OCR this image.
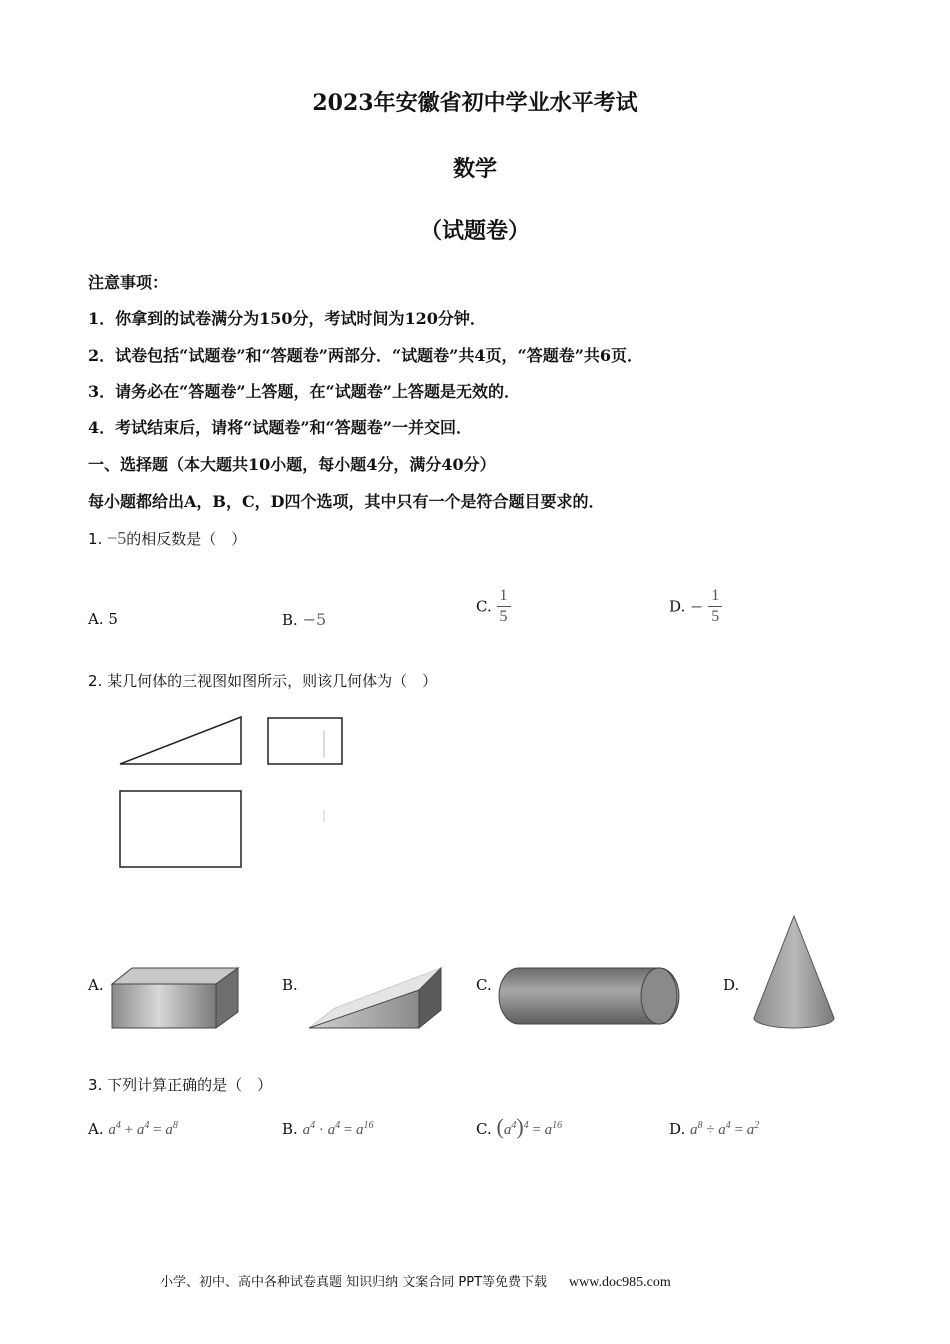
2023年安徽省初中学业水平考试
数学
（试题卷）
注意事项：
1．你拿到的试卷满分为150分，考试时间为120分钟．
2．试卷包括“试题卷”和“答题卷”两部分．“试题卷”共4页，“答题卷”共6页．
3．请务必在“答题卷”上答题，在“试题卷”上答题是无效的．
4．考试结束后，请将“试题卷”和“答题卷”一并交回．
一、选择题（本大题共10小题，每小题4分，满分40分）
每小题都给出A，B，C，D四个选项，其中只有一个是符合题目要求的．
1. −5的相反数是（　）
A. 5	B. −5
C. $\frac{1}{5}$	D. − $\frac{1}{5}$
2. 某几何体的三视图如图所示，则该几何体为（　）
A.	B.	C.	D.
3. 下列计算正确的是（　）
A. $a^4 + a^4 = a^8$	B. $a^4 \cdot a^4 = a^{16}$	C. $(a^4)^4 = a^{16}$	D. $a^8 \div a^4 = a^2$
小学、初中、高中各种试卷真题 知识归纳 文案合同 PPT等免费下载 www.doc985.com
